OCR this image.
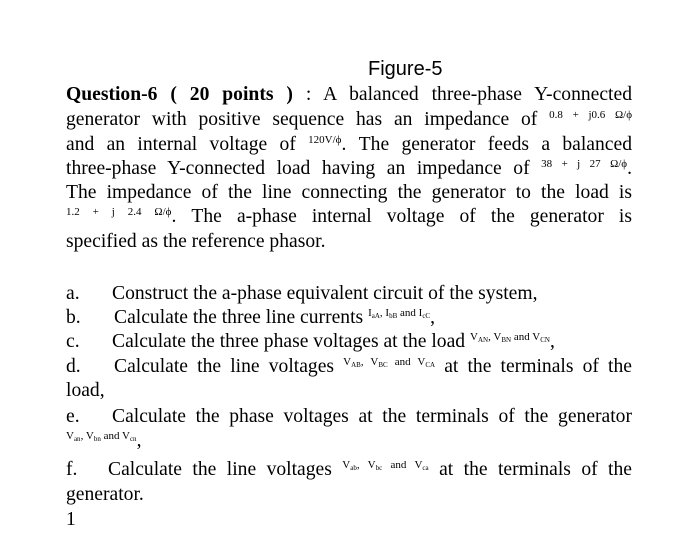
Figure-5
Question-6 ( 20 points ) : A balanced three-phase Y-connected
generator with positive sequence has an impedance of $^{0.8 + j0.6 \Omega/\phi}$
and an internal voltage of $^{120V/\phi}$. The generator feeds a balanced
three-phase Y-connected load having an impedance of $^{38 + j 27 \Omega/\phi}$.
The impedance of the line connecting the generator to the load is
$^{1.2 + j 2.4 \Omega/\phi}$. The a-phase internal voltage of the generator is
specified as the reference phasor.
a. Construct the a-phase equivalent circuit of the system,
b. Calculate the three line currents $^{I_{aA}, I_{bB} and I_{cC}}$,
c. Calculate the three phase voltages at the load $^{V_{AN}, V_{BN} and V_{CN}}$,
d. Calculate the line voltages $^{V_{AB}, V_{BC} and V_{CA}}$ at the terminals of the
load,
e. Calculate the phase voltages at the terminals of the generator
$^{V_{an}, V_{bn} and V_{cn}}$,
f. Calculate the line voltages $^{V_{ab}, V_{bc} and V_{ca}}$ at the terminals of the
generator.
1
